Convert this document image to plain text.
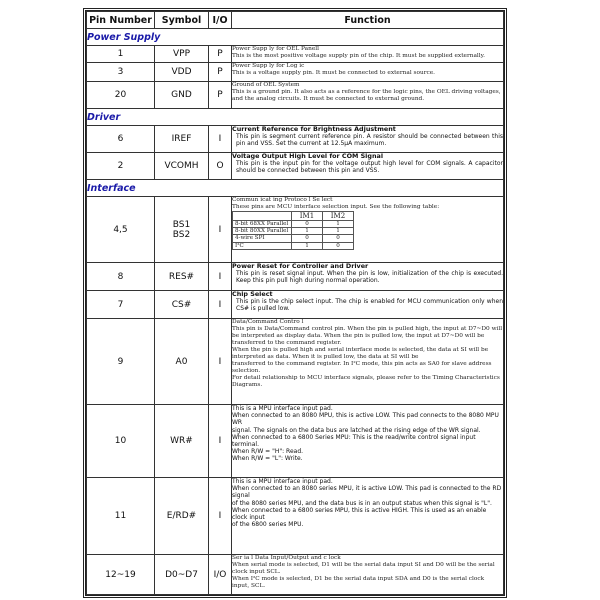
Pin Number	Symbol	I/O	Function
Power Supply
1	VPP	P	Power Supp ly for OEL Panell
This is the most positive voltage supply pin of the chip. It must be supplied externally.

3	VDD	P	
Power Supp ly for Log ic
This is a voltage supply pin. It must be connected to external source.

20	GND	P	
Ground of OEL System
This is a ground pin. It also acts as a reference for the logic pins, the OEL driving voltages, and the analog circuits. It must be connected to external ground.

Driver
6	IREF	I	
Current Reference for Brightness Adjustment
This pin is segment current reference pin. A resistor should be connected between this pin and VSS. Set the current at 12.5μA maximum.

2	VCOMH	O	
Voltage Output High Level for COM Signal
This pin is the input pin for the voltage output high level for COM signals. A capacitor should be connected between this pin and VSS.

Interface
4,5	BS1
BS2	I	
Commun icat ing Protoco l Se lect
These pins are MCU interface selection input. See the following table:
	IM1	IM2
8-bit 68XX Parallel	0	1
8-bit 80XX Parallel	1	1
4-wire SPI	0	0
I²C	1	0

8	RES#	I	
Power Reset for Controller and Driver
This pin is reset signal input. When the pin is low, initialization of the chip is executed. Keep this pin pull high during normal operation.

7	CS#	I	
Chip Select
This pin is the chip select input. The chip is enabled for MCU communication only when CS# is pulled low.

9	A0	I	
Data/Command Contro l
This pin is Data/Command control pin. When the pin is pulled high, the input at D7~D0 will be interpreted as display data. When the pin is pulled low, the input at D7~D0 will be transferred to the command register.
When the pin is pulled high and serial interface mode is selected, the data at SI will be interpreted as data. When it is pulled low, the data at SI will be
transferred to the command register. In I²C mode, this pin acts as SA0 for slave address selection.
For detail relationship to MCU interface signals, please refer to the Timing Characteristics Diagrams.

10	WR#	I	
This is a MPU interface input pad.
When connected to an 8080 MPU, this is active LOW. This pad connects to the 8080 MPU WR
signal. The signals on the data bus are latched at the rising edge of the WR signal.
When connected to a 6800 Series MPU: This is the read/write control signal input terminal.
When R/W = "H": Read.
When R/W = "L": Write.

11	E/RD#	I	
This is a MPU interface input pad.
When connected to an 8080 series MPU, it is active LOW. This pad is connected to the RD signal
of the 8080 series MPU, and the data bus is in an output status when this signal is "L".
When connected to a 6800 series MPU, this is active HIGH. This is used as an enable clock input
of the 6800 series MPU.

12~19	D0~D7	I/O	
Ser ia l Data Input/Output and c lock
When serial mode is selected, D1 will be the serial data input SI and D0 will be the serial clock input SCL.
When I²C mode is selected, D1 be the serial data input SDA and D0 is the serial clock input, SCL.
